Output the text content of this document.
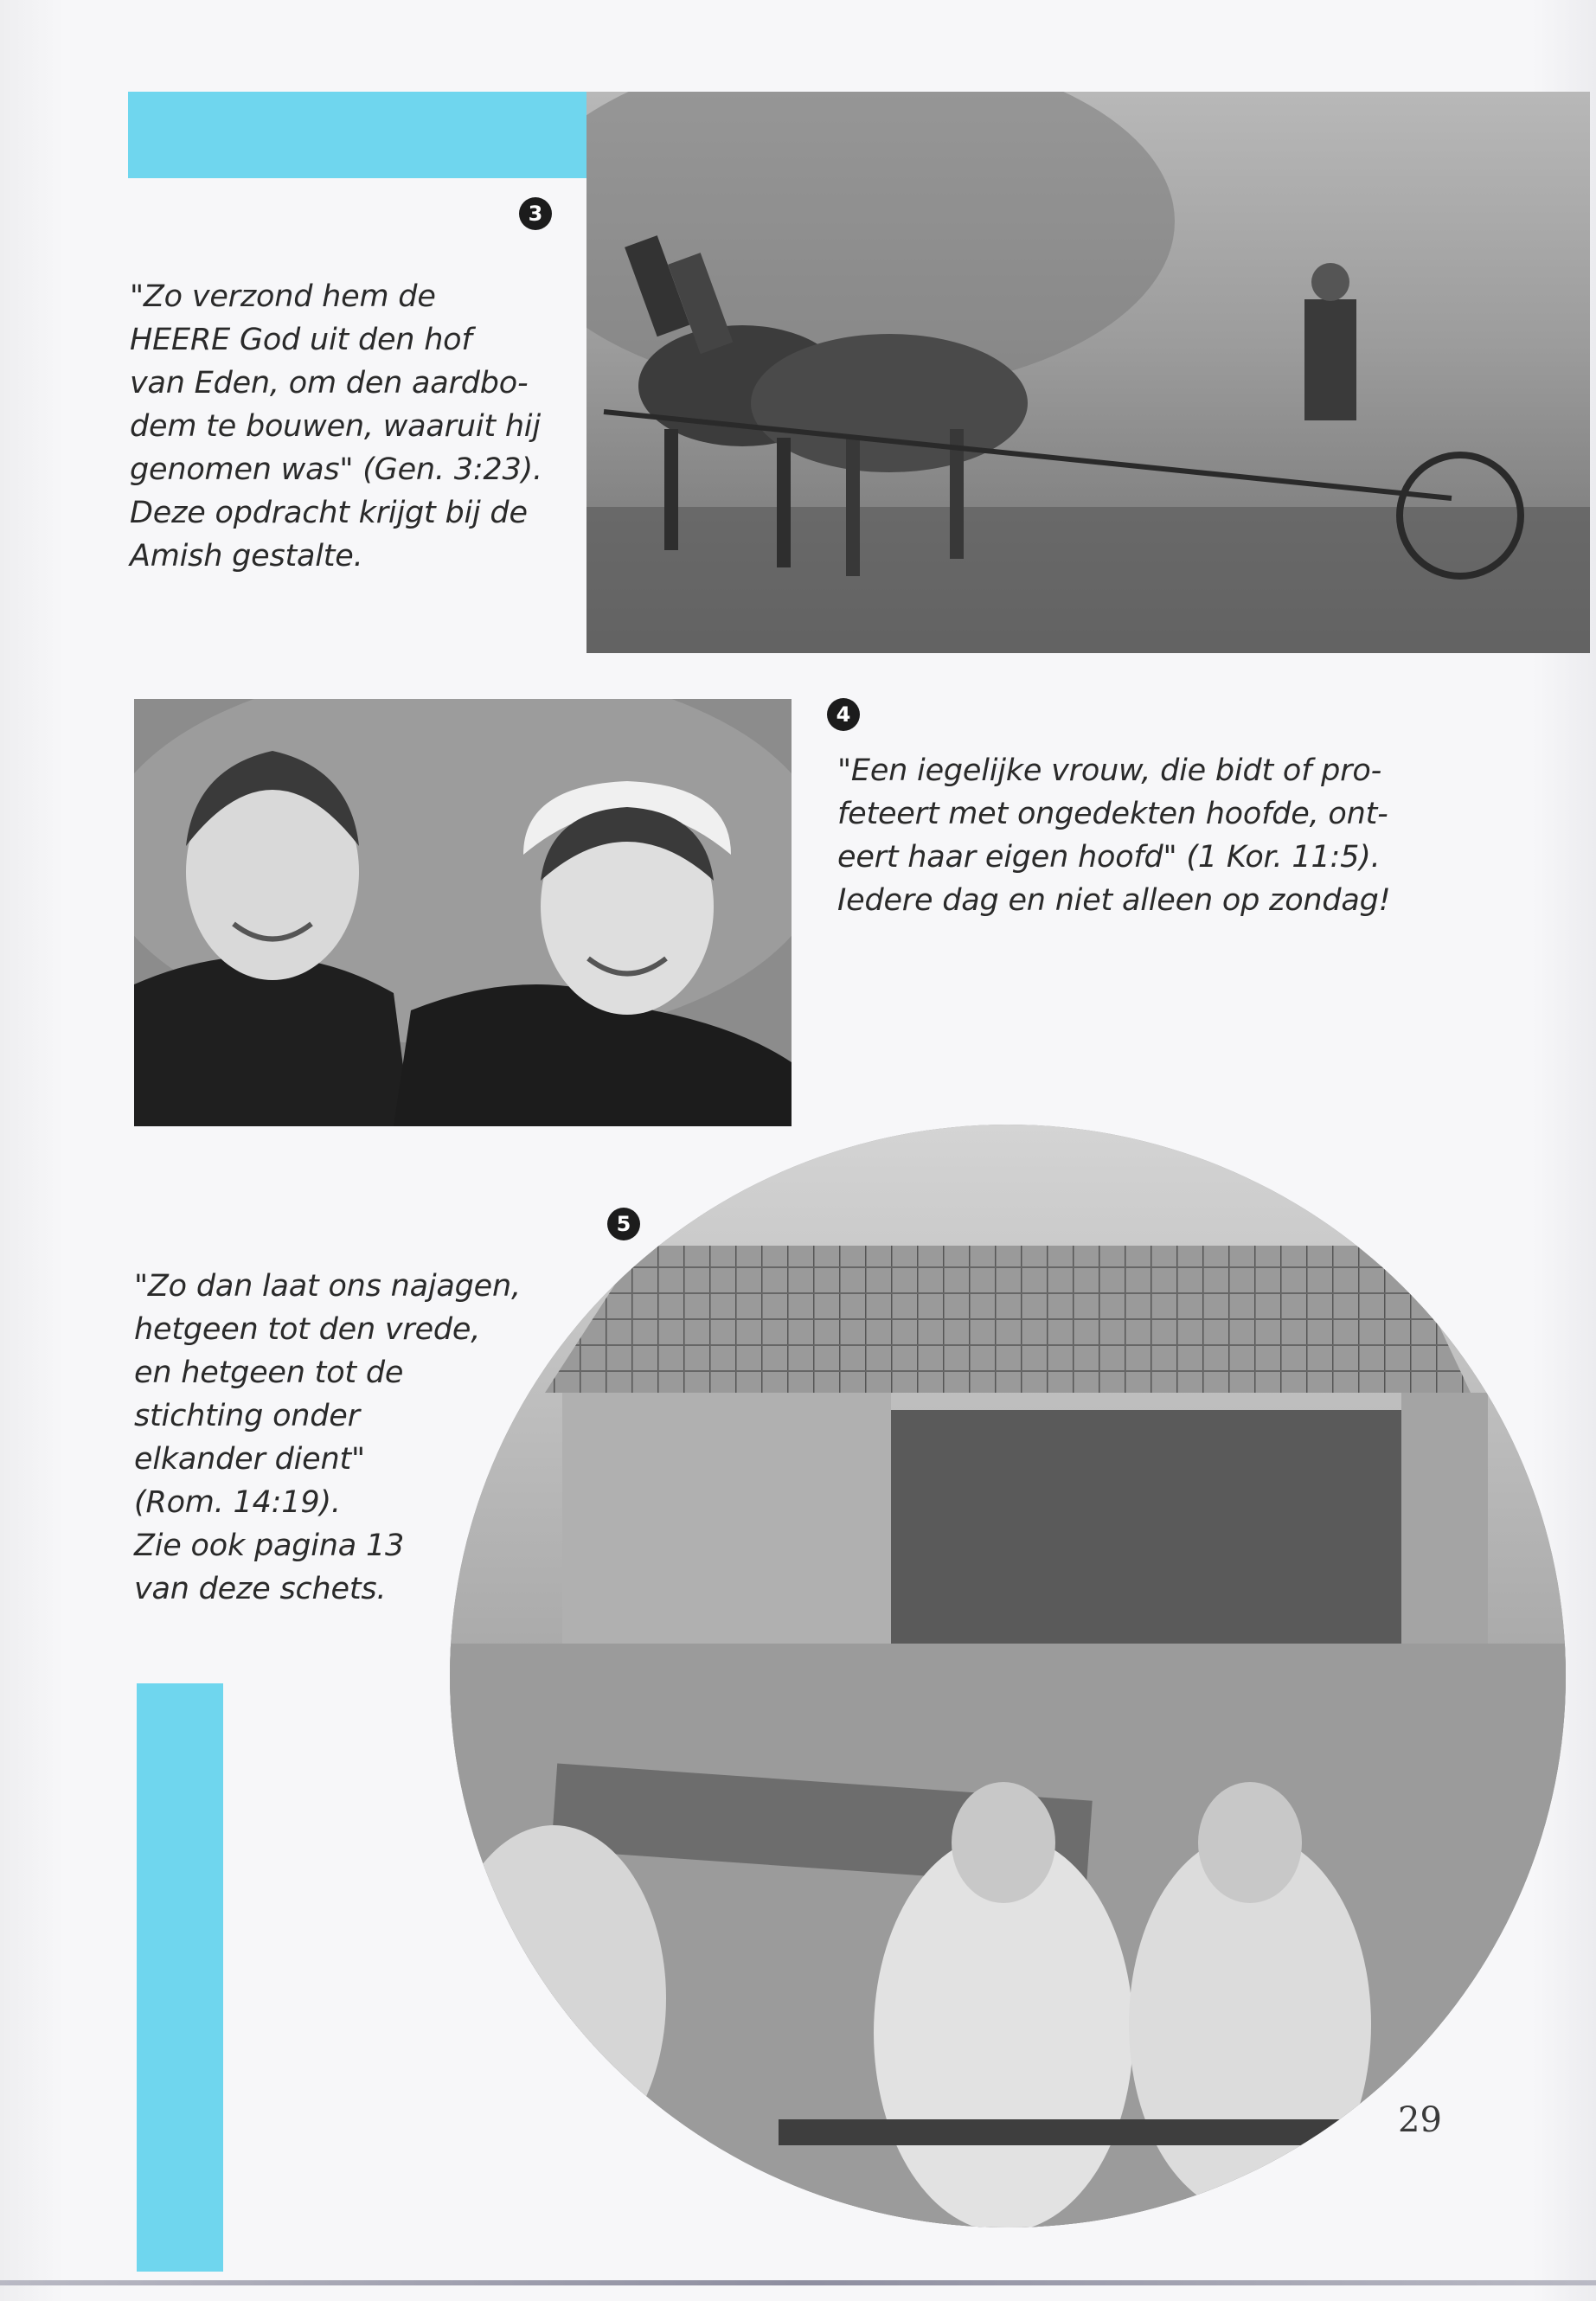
3

"Zo verzond hem de
HEERE God uit den hof
van Eden, om den aardbo-
dem te bouwen, waaruit hij
genomen was" (Gen. 3:23).
Deze opdracht krijgt bij de
Amish gestalte.

4

"Een iegelijke vrouw, die bidt of pro-
feteert met ongedekten hoofde, ont-
eert haar eigen hoofd" (1 Kor. 11:5).
Iedere dag en niet alleen op zondag!

5

"Zo dan laat ons najagen,
hetgeen tot den vrede,
en hetgeen tot de
stichting onder
elkander dient"
(Rom. 14:19).
Zie ook pagina 13
van deze schets.

29
